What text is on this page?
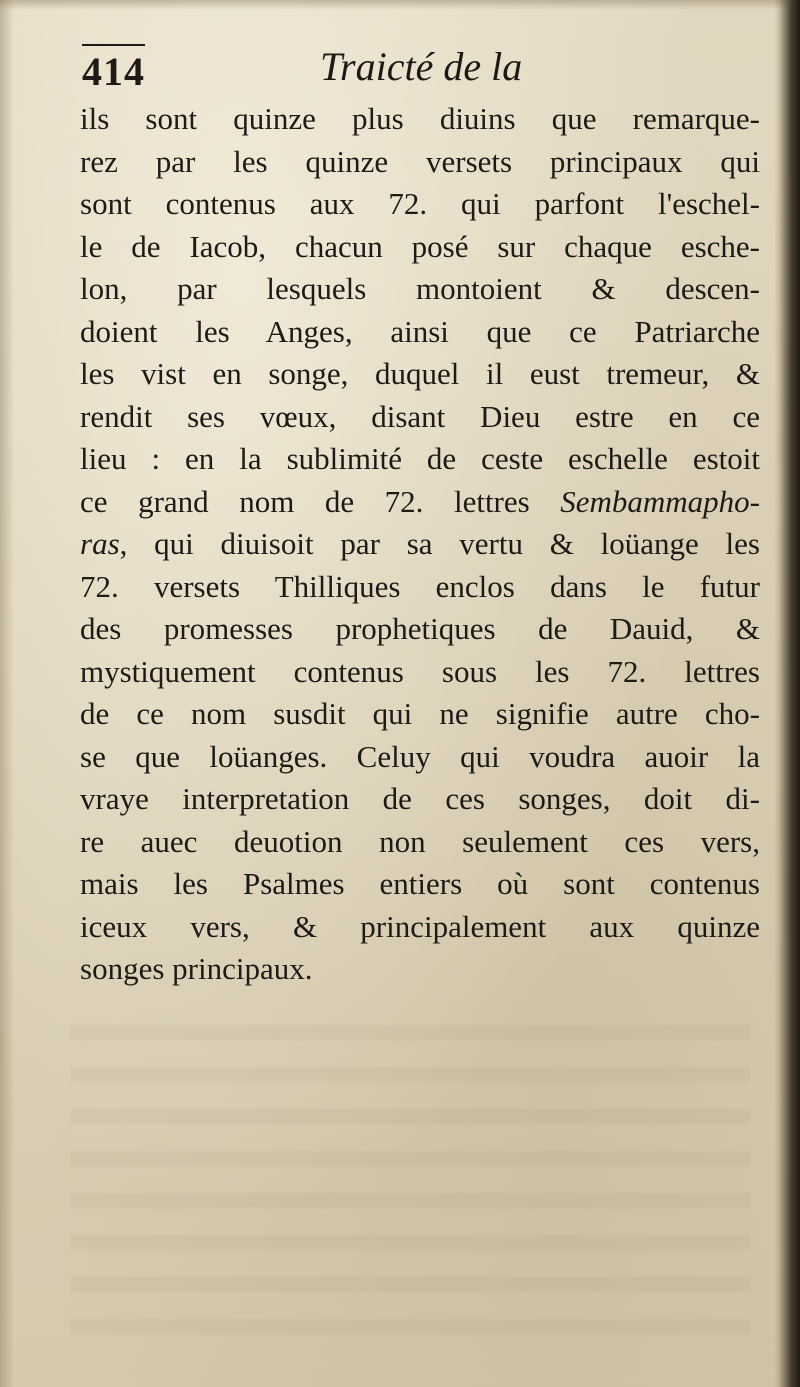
414	Traicté de la
ils sont quinze plus diuins que remarque-
rez par les quinze versets principaux qui
sont contenus aux 72. qui parfont l'eschel-
le de Iacob, chacun posé sur chaque esche-
lon, par lesquels montoient & descen-
doient les Anges, ainsi que ce Patriarche
les vist en songe, duquel il eust tremeur, &
rendit ses vœux, disant Dieu estre en ce
lieu : en la sublimité de ceste eschelle estoit
ce grand nom de 72. lettres Sembammapho-
ras, qui diuisoit par sa vertu & loüange les
72. versets Thilliques enclos dans le futur
des promesses prophetiques de Dauid, &
mystiquement contenus sous les 72. lettres
de ce nom susdit qui ne signifie autre cho-
se que loüanges. Celuy qui voudra auoir la
vraye interpretation de ces songes, doit di-
re auec deuotion non seulement ces vers,
mais les Psalmes entiers où sont contenus
iceux vers, & principalement aux quinze
songes principaux.
